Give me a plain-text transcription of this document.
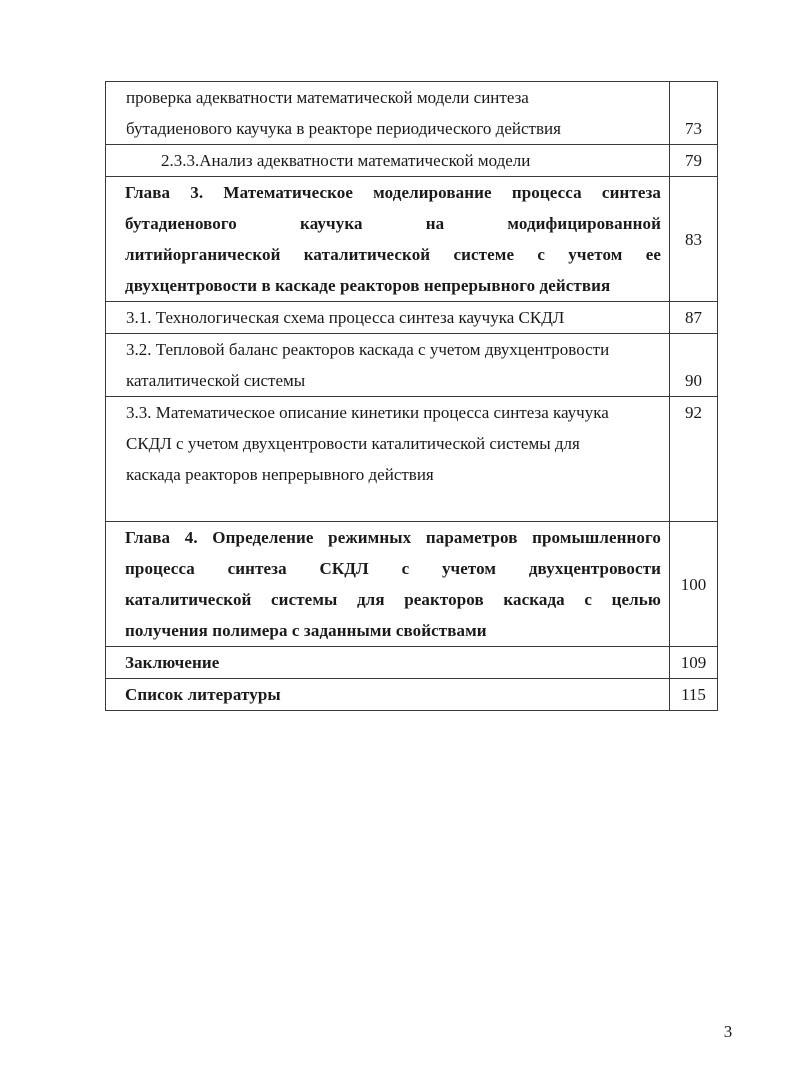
проверка адекватности математической модели синтеза
бутадиенового каучука в реакторе периодического действия	73

2.3.3.Анализ адекватности математической модели	79

Глава 3. Математическое моделирование процесса синтеза
бутадиенового каучука на модифицированной
литийорганической каталитической системе с учетом ее
двухцентровости в каскаде реакторов непрерывного действия	83

3.1. Технологическая схема процесса синтеза каучука СКДЛ	87

3.2. Тепловой баланс реакторов каскада с учетом двухцентровости
каталитической системы	90

3.3. Математическое описание кинетики процесса синтеза каучука
СКДЛ с учетом двухцентровости каталитической системы для
каскада реакторов непрерывного действия	92

Глава 4. Определение режимных параметров промышленного
процесса синтеза СКДЛ с учетом двухцентровости
каталитической системы для реакторов каскада с целью
получения полимера с заданными свойствами	100

Заключение	109

Список литературы	115
3
